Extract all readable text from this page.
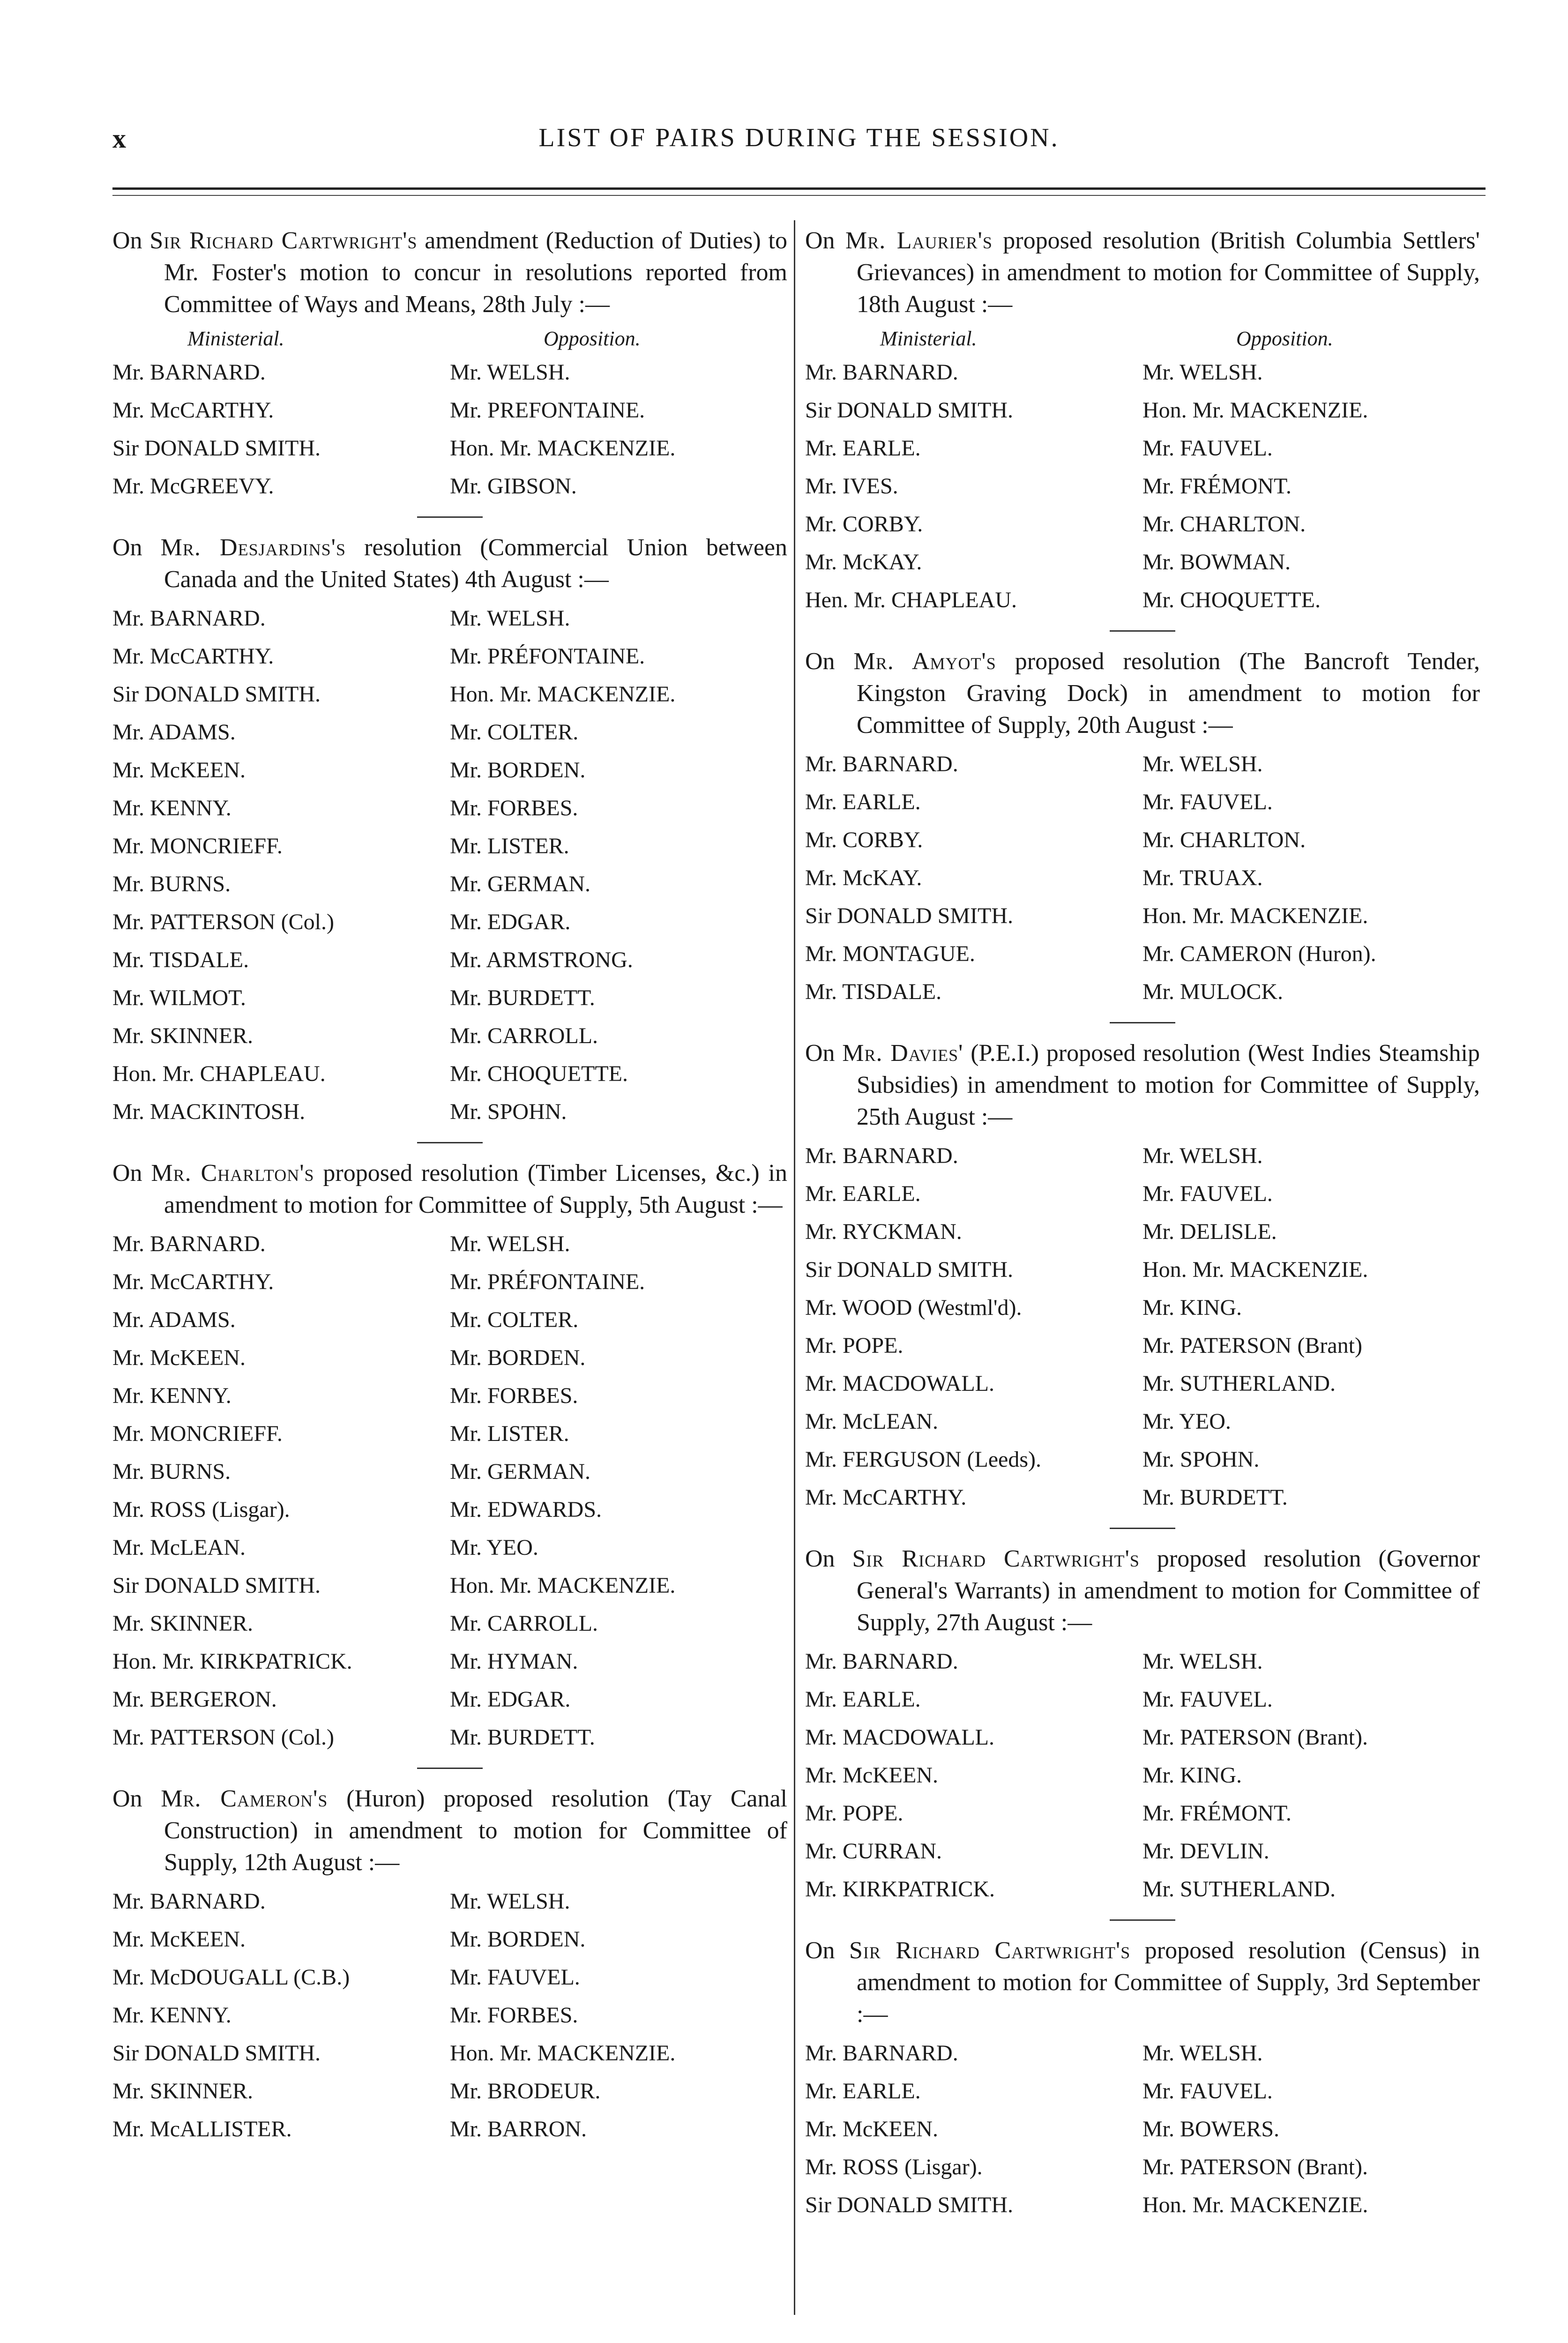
x	LIST OF PAIRS DURING THE SESSION.

On Sir Richard Cartwright's amendment (Reduction of Duties) to Mr. Foster's motion to concur in resolutions reported from Committee of Ways and Means, 28th July :—

Ministerial.	Opposition.
Mr. BARNARD.	Mr. WELSH.
Mr. McCARTHY.	Mr. PREFONTAINE.
Sir DONALD SMITH.	Hon. Mr. MACKENZIE.
Mr. McGREEVY.	Mr. GIBSON.

On Mr. Desjardins's resolution (Commercial Union between Canada and the United States) 4th August :—

Mr. BARNARD.	Mr. WELSH.
Mr. McCARTHY.	Mr. PRÉFONTAINE.
Sir DONALD SMITH.	Hon. Mr. MACKENZIE.
Mr. ADAMS.	Mr. COLTER.
Mr. McKEEN.	Mr. BORDEN.
Mr. KENNY.	Mr. FORBES.
Mr. MONCRIEFF.	Mr. LISTER.
Mr. BURNS.	Mr. GERMAN.
Mr. PATTERSON (Col.)	Mr. EDGAR.
Mr. TISDALE.	Mr. ARMSTRONG.
Mr. WILMOT.	Mr. BURDETT.
Mr. SKINNER.	Mr. CARROLL.
Hon. Mr. CHAPLEAU.	Mr. CHOQUETTE.
Mr. MACKINTOSH.	Mr. SPOHN.

On Mr. Charlton's proposed resolution (Timber Licenses, &c.) in amendment to motion for Committee of Supply, 5th August :—

Mr. BARNARD.	Mr. WELSH.
Mr. McCARTHY.	Mr. PRÉFONTAINE.
Mr. ADAMS.	Mr. COLTER.
Mr. McKEEN.	Mr. BORDEN.
Mr. KENNY.	Mr. FORBES.
Mr. MONCRIEFF.	Mr. LISTER.
Mr. BURNS.	Mr. GERMAN.
Mr. ROSS (Lisgar).	Mr. EDWARDS.
Mr. McLEAN.	Mr. YEO.
Sir DONALD SMITH.	Hon. Mr. MACKENZIE.
Mr. SKINNER.	Mr. CARROLL.
Hon. Mr. KIRKPATRICK.	Mr. HYMAN.
Mr. BERGERON.	Mr. EDGAR.
Mr. PATTERSON (Col.)	Mr. BURDETT.

On Mr. Cameron's (Huron) proposed resolution (Tay Canal Construction) in amendment to motion for Committee of Supply, 12th August :—

Mr. BARNARD.	Mr. WELSH.
Mr. McKEEN.	Mr. BORDEN.
Mr. McDOUGALL (C.B.)	Mr. FAUVEL.
Mr. KENNY.	Mr. FORBES.
Sir DONALD SMITH.	Hon. Mr. MACKENZIE.
Mr. SKINNER.	Mr. BRODEUR.
Mr. McALLISTER.	Mr. BARRON.

On Mr. Laurier's proposed resolution (British Columbia Settlers' Grievances) in amendment to motion for Committee of Supply, 18th August :—

Ministerial.	Opposition.
Mr. BARNARD.	Mr. WELSH.
Sir DONALD SMITH.	Hon. Mr. MACKENZIE.
Mr. EARLE.	Mr. FAUVEL.
Mr. IVES.	Mr. FRÉMONT.
Mr. CORBY.	Mr. CHARLTON.
Mr. McKAY.	Mr. BOWMAN.
Hen. Mr. CHAPLEAU.	Mr. CHOQUETTE.

On Mr. Amyot's proposed resolution (The Bancroft Tender, Kingston Graving Dock) in amendment to motion for Committee of Supply, 20th August :—

Mr. BARNARD.	Mr. WELSH.
Mr. EARLE.	Mr. FAUVEL.
Mr. CORBY.	Mr. CHARLTON.
Mr. McKAY.	Mr. TRUAX.
Sir DONALD SMITH.	Hon. Mr. MACKENZIE.
Mr. MONTAGUE.	Mr. CAMERON (Huron).
Mr. TISDALE.	Mr. MULOCK.

On Mr. Davies' (P.E.I.) proposed resolution (West Indies Steamship Subsidies) in amendment to motion for Committee of Supply, 25th August :—

Mr. BARNARD.	Mr. WELSH.
Mr. EARLE.	Mr. FAUVEL.
Mr. RYCKMAN.	Mr. DELISLE.
Sir DONALD SMITH.	Hon. Mr. MACKENZIE.
Mr. WOOD (Westml'd).	Mr. KING.
Mr. POPE.	Mr. PATERSON (Brant)
Mr. MACDOWALL.	Mr. SUTHERLAND.
Mr. McLEAN.	Mr. YEO.
Mr. FERGUSON (Leeds).	Mr. SPOHN.
Mr. McCARTHY.	Mr. BURDETT.

On Sir Richard Cartwright's proposed resolution (Governor General's Warrants) in amendment to motion for Committee of Supply, 27th August :—

Mr. BARNARD.	Mr. WELSH.
Mr. EARLE.	Mr. FAUVEL.
Mr. MACDOWALL.	Mr. PATERSON (Brant).
Mr. McKEEN.	Mr. KING.
Mr. POPE.	Mr. FRÉMONT.
Mr. CURRAN.	Mr. DEVLIN.
Mr. KIRKPATRICK.	Mr. SUTHERLAND.

On Sir Richard Cartwright's proposed resolution (Census) in amendment to motion for Committee of Supply, 3rd September :—

Mr. BARNARD.	Mr. WELSH.
Mr. EARLE.	Mr. FAUVEL.
Mr. McKEEN.	Mr. BOWERS.
Mr. ROSS (Lisgar).	Mr. PATERSON (Brant).
Sir DONALD SMITH.	Hon. Mr. MACKENZIE.
